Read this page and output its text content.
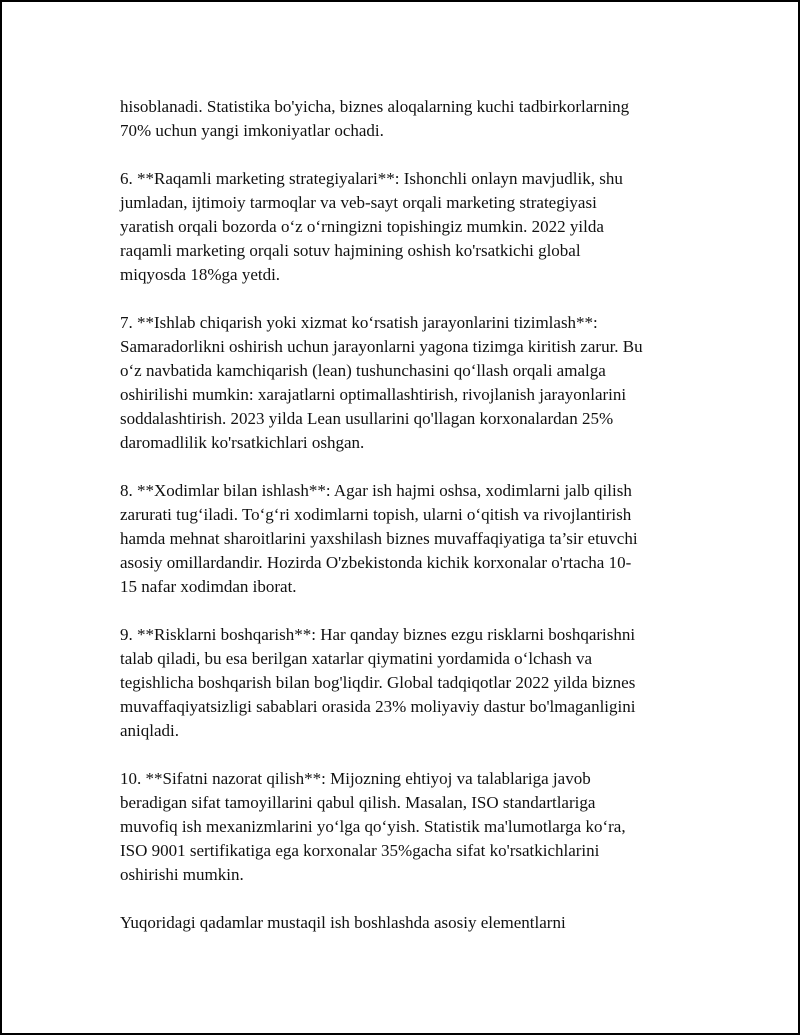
hisoblanadi. Statistika bo'yicha, biznes aloqalarning kuchi tadbirkorlarning
70% uchun yangi imkoniyatlar ochadi.

6. **Raqamli marketing strategiyalari**: Ishonchli onlayn mavjudlik, shu
jumladan, ijtimoiy tarmoqlar va veb-sayt orqali marketing strategiyasi
yaratish orqali bozorda o‘z o‘rningizni topishingiz mumkin. 2022 yilda
raqamli marketing orqali sotuv hajmining oshish ko'rsatkichi global
miqyosda 18%ga yetdi.

7. **Ishlab chiqarish yoki xizmat ko‘rsatish jarayonlarini tizimlash**:
Samaradorlikni oshirish uchun jarayonlarni yagona tizimga kiritish zarur. Bu
o‘z navbatida kamchiqarish (lean) tushunchasini qo‘llash orqali amalga
oshirilishi mumkin: xarajatlarni optimallashtirish, rivojlanish jarayonlarini
soddalashtirish. 2023 yilda Lean usullarini qo'llagan korxonalardan 25%
daromadlilik ko'rsatkichlari oshgan.

8. **Xodimlar bilan ishlash**: Agar ish hajmi oshsa, xodimlarni jalb qilish
zarurati tug‘iladi. To‘g‘ri xodimlarni topish, ularni o‘qitish va rivojlantirish
hamda mehnat sharoitlarini yaxshilash biznes muvaffaqiyatiga ta’sir etuvchi
asosiy omillardandir. Hozirda O'zbekistonda kichik korxonalar o'rtacha 10-
15 nafar xodimdan iborat.

9. **Risklarni boshqarish**: Har qanday biznes ezgu risklarni boshqarishni
talab qiladi, bu esa berilgan xatarlar qiymatini yordamida o‘lchash va
tegishlicha boshqarish bilan bog'liqdir. Global tadqiqotlar 2022 yilda biznes
muvaffaqiyatsizligi sabablari orasida 23% moliyaviy dastur bo'lmaganligini
aniqladi.

10. **Sifatni nazorat qilish**: Mijozning ehtiyoj va talablariga javob
beradigan sifat tamoyillarini qabul qilish. Masalan, ISO standartlariga
muvofiq ish mexanizmlarini yo‘lga qo‘yish. Statistik ma'lumotlarga ko‘ra,
ISO 9001 sertifikatiga ega korxonalar 35%gacha sifat ko'rsatkichlarini
oshirishi mumkin.

Yuqoridagi qadamlar mustaqil ish boshlashda asosiy elementlarni
